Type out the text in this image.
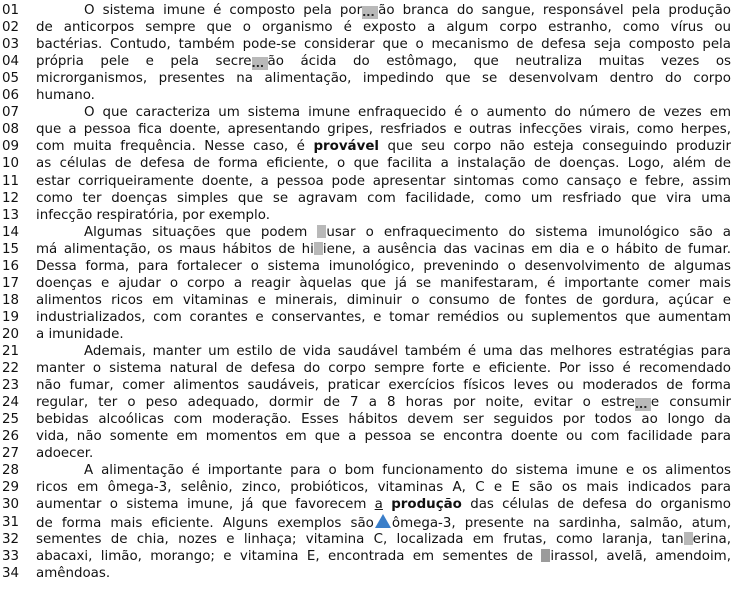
01	O sistema imune é composto pela por... ão branca do sangue, responsável pela produção
02	de anticorpos sempre que o organismo é exposto a algum corpo estranho, como vírus ou
03	bactérias. Contudo, também pode-se considerar que o mecanismo de defesa seja composto pela
04	própria pele e pela secre... ão ácida do estômago, que neutraliza muitas vezes os
05	microrganismos, presentes na alimentação, impedindo que se desenvolvam dentro do corpo
06	humano.
07	O que caracteriza um sistema imune enfraquecido é o aumento do número de vezes em
08	que a pessoa fica doente, apresentando gripes, resfriados e outras infecções virais, como herpes,
09	com muita frequência. Nesse caso, é provável que seu corpo não esteja conseguindo produzir
10	as células de defesa de forma eficiente, o que facilita a instalação de doenças. Logo, além de
11	estar corriqueiramente doente, a pessoa pode apresentar sintomas como cansaço e febre, assim
12	como ter doenças simples que se agravam com facilidade, como um resfriado que vira uma
13	infecção respiratória, por exemplo.
14	Algumas situações que podem usar o enfraquecimento do sistema imunológico são a
15	má alimentação, os maus hábitos de hi iene, a ausência das vacinas em dia e o hábito de fumar.
16	Dessa forma, para fortalecer o sistema imunológico, prevenindo o desenvolvimento de algumas
17	doenças e ajudar o corpo a reagir àquelas que já se manifestaram, é importante comer mais
18	alimentos ricos em vitaminas e minerais, diminuir o consumo de fontes de gordura, açúcar e
19	industrializados, com corantes e conservantes, e tomar remédios ou suplementos que aumentam
20	a imunidade.
21	Ademais, manter um estilo de vida saudável também é uma das melhores estratégias para
22	manter o sistema natural de defesa do corpo sempre forte e eficiente. Por isso é recomendado
23	não fumar, comer alimentos saudáveis, praticar exercícios físicos leves ou moderados de forma
24	regular, ter o peso adequado, dormir de 7 a 8 horas por noite, evitar o estre... e consumir
25	bebidas alcoólicas com moderação. Esses hábitos devem ser seguidos por todos ao longo da
26	vida, não somente em momentos em que a pessoa se encontra doente ou com facilidade para
27	adoecer.
28	A alimentação é importante para o bom funcionamento do sistema imune e os alimentos
29	ricos em ômega-3, selênio, zinco, probióticos, vitaminas A, C e E são os mais indicados para
30	aumentar o sistema imune, já que favorecem a produção das células de defesa do organismo
31	de forma mais eficiente. Alguns exemplos são ômega-3, presente na sardinha, salmão, atum,
32	sementes de chia, nozes e linhaça; vitamina C, localizada em frutas, como laranja, tan erina,
33	abacaxi, limão, morango; e vitamina E, encontrada em sementes de irassol, avelã, amendoim,
34	amêndoas.
